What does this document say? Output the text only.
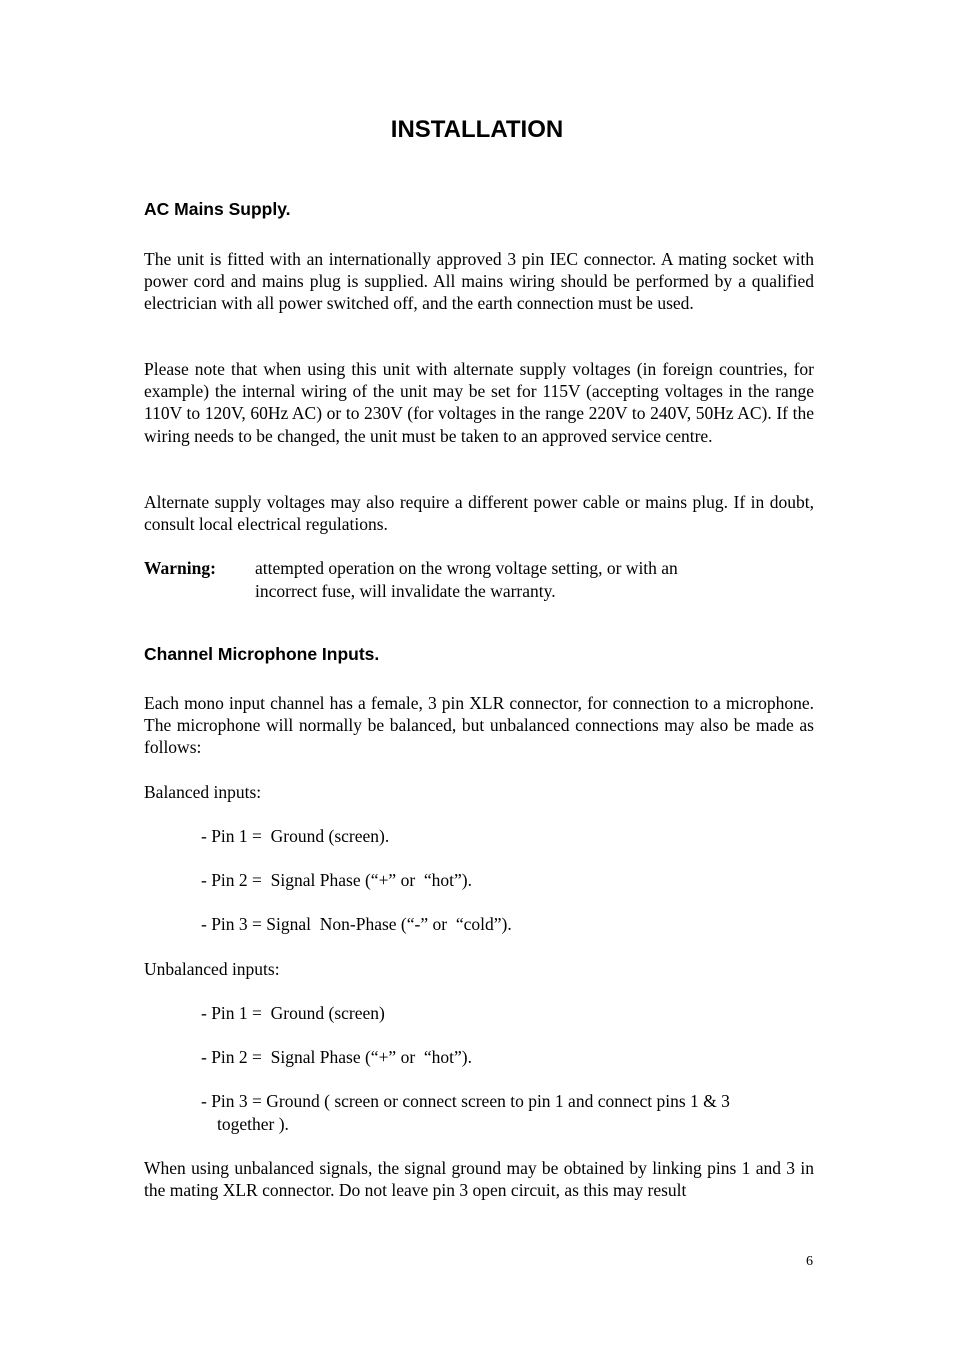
INSTALLATION
AC Mains Supply.

The unit is fitted with an internationally approved 3 pin IEC connector. A mating socket with power cord and mains plug is supplied. All mains wiring should be performed by a qualified electrician with all power switched off, and the earth connection must be used.

Please note that when using this unit with alternate supply voltages (in foreign countries, for example) the internal wiring of the unit may be set for 115V (accepting voltages in the range 110V to 120V, 60Hz AC) or to 230V (for voltages in the range 220V to 240V, 50Hz AC). If the wiring needs to be changed, the unit must be taken to an approved service centre.

Alternate supply voltages may also require a different power cable or mains plug. If in doubt, consult local electrical regulations.

Warning: attempted operation on the wrong voltage setting, or with an
incorrect fuse, will invalidate the warranty.
Channel Microphone Inputs.

Each mono input channel has a female, 3 pin XLR connector, for connection to a microphone. The microphone will normally be balanced, but unbalanced connections may also be made as follows:

Balanced inputs:
- Pin 1 =  Ground (screen).
- Pin 2 =  Signal Phase (“+” or  “hot”).
- Pin 3 = Signal  Non-Phase (“-” or  “cold”).
Unbalanced inputs:
- Pin 1 =  Ground (screen)
- Pin 2 =  Signal Phase (“+” or  “hot”).
- Pin 3 = Ground ( screen or connect screen to pin 1 and connect pins 1 & 3
together ).

When using unbalanced signals, the signal ground may be obtained by linking pins 1 and 3 in the mating XLR connector. Do not leave pin 3 open circuit, as this may result

6
